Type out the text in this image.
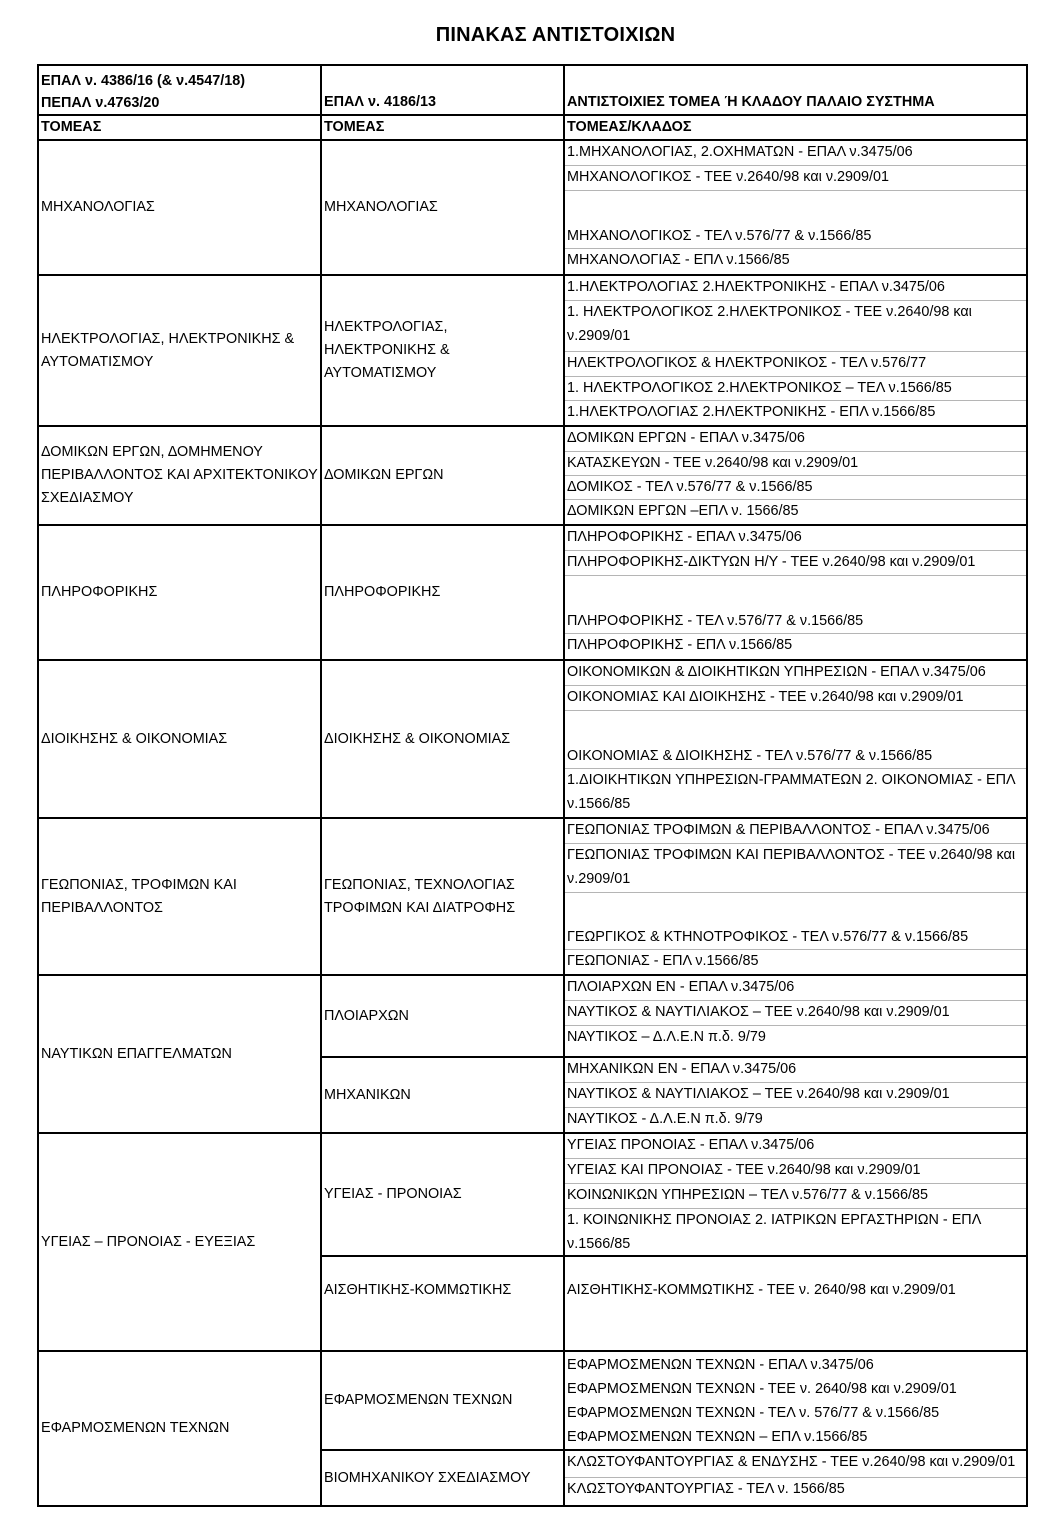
ΠΙΝΑΚΑΣ ΑΝΤΙΣΤΟΙΧΙΩΝ
ΕΠΑΛ ν. 4386/16 (& ν.4547/18)
ΠΕΠΑΛ ν.4763/20	ΕΠΑΛ ν. 4186/13	ΑΝΤΙΣΤΟΙΧΙΕΣ ΤΟΜΕΑ Ή ΚΛΑΔΟΥ ΠΑΛΑΙΟ ΣΥΣΤΗΜΑ
ΤΟΜΕΑΣ	ΤΟΜΕΑΣ	ΤΟΜΕΑΣ/ΚΛΑΔΟΣ
ΜΗΧΑΝΟΛΟΓΙΑΣ	ΜΗΧΑΝΟΛΟΓΙΑΣ	1.ΜΗΧΑΝΟΛΟΓΙΑΣ, 2.ΟΧΗΜΑΤΩΝ - ΕΠΑΛ ν.3475/06
ΜΗΧΑΝΟΛΟΓΙΚΟΣ - ΤΕΕ ν.2640/98 και ν.2909/01
ΜΗΧΑΝΟΛΟΓΙΚΟΣ - ΤΕΛ ν.576/77 & ν.1566/85
ΜΗΧΑΝΟΛΟΓΙΑΣ - ΕΠΛ ν.1566/85

ΗΛΕΚΤΡΟΛΟΓΙΑΣ, ΗΛΕΚΤΡΟΝΙΚΗΣ & ΑΥΤΟΜΑΤΙΣΜΟΥ	ΗΛΕΚΤΡΟΛΟΓΙΑΣ, ΗΛΕΚΤΡΟΝΙΚΗΣ & ΑΥΤΟΜΑΤΙΣΜΟΥ	1.ΗΛΕΚΤΡΟΛΟΓΙΑΣ 2.ΗΛΕΚΤΡΟΝΙΚΗΣ - ΕΠΑΛ ν.3475/06
1. ΗΛΕΚΤΡΟΛΟΓΙΚΟΣ 2.ΗΛΕΚΤΡΟΝΙΚΟΣ - ΤΕΕ ν.2640/98 και ν.2909/01
ΗΛΕΚΤΡΟΛΟΓΙΚΟΣ & ΗΛΕΚΤΡΟΝΙΚΟΣ - ΤΕΛ ν.576/77
1. ΗΛΕΚΤΡΟΛΟΓΙΚΟΣ 2.ΗΛΕΚΤΡΟΝΙΚΟΣ – ΤΕΛ ν.1566/85
1.ΗΛΕΚΤΡΟΛΟΓΙΑΣ 2.ΗΛΕΚΤΡΟΝΙΚΗΣ - ΕΠΛ ν.1566/85

ΔΟΜΙΚΩΝ ΕΡΓΩΝ, ΔΟΜΗΜΕΝΟΥ ΠΕΡΙΒΑΛΛΟΝΤΟΣ ΚΑΙ ΑΡΧΙΤΕΚΤΟΝΙΚΟΥ ΣΧΕΔΙΑΣΜΟΥ	ΔΟΜΙΚΩΝ ΕΡΓΩΝ	ΔΟΜΙΚΩΝ ΕΡΓΩΝ - ΕΠΑΛ ν.3475/06
ΚΑΤΑΣΚΕΥΩΝ - ΤΕΕ ν.2640/98 και ν.2909/01
ΔΟΜΙΚΟΣ - ΤΕΛ ν.576/77 & ν.1566/85
ΔΟΜΙΚΩΝ ΕΡΓΩΝ –ΕΠΛ ν. 1566/85

ΠΛΗΡΟΦΟΡΙΚΗΣ	ΠΛΗΡΟΦΟΡΙΚΗΣ	ΠΛΗΡΟΦΟΡΙΚΗΣ - ΕΠΑΛ ν.3475/06
ΠΛΗΡΟΦΟΡΙΚΗΣ-ΔΙΚΤΥΩΝ Η/Υ - ΤΕΕ ν.2640/98 και ν.2909/01
ΠΛΗΡΟΦΟΡΙΚΗΣ - ΤΕΛ ν.576/77 & ν.1566/85
ΠΛΗΡΟΦΟΡΙΚΗΣ - ΕΠΛ ν.1566/85

ΔΙΟΙΚΗΣΗΣ & ΟΙΚΟΝΟΜΙΑΣ	ΔΙΟΙΚΗΣΗΣ & ΟΙΚΟΝΟΜΙΑΣ	ΟΙΚΟΝΟΜΙΚΩΝ & ΔΙΟΙΚΗΤΙΚΩΝ ΥΠΗΡΕΣΙΩΝ - ΕΠΑΛ ν.3475/06
ΟΙΚΟΝΟΜΙΑΣ ΚΑΙ ΔΙΟΙΚΗΣΗΣ - ΤΕΕ ν.2640/98 και ν.2909/01
ΟΙΚΟΝΟΜΙΑΣ & ΔΙΟΙΚΗΣΗΣ - ΤΕΛ ν.576/77 & ν.1566/85
1.ΔΙΟΙΚΗΤΙΚΩΝ ΥΠΗΡΕΣΙΩΝ-ΓΡΑΜΜΑΤΕΩΝ 2. ΟΙΚΟΝΟΜΙΑΣ - ΕΠΛ ν.1566/85

ΓΕΩΠΟΝΙΑΣ, ΤΡΟΦΙΜΩΝ ΚΑΙ ΠΕΡΙΒΑΛΛΟΝΤΟΣ	ΓΕΩΠΟΝΙΑΣ, ΤΕΧΝΟΛΟΓΙΑΣ ΤΡΟΦΙΜΩΝ ΚΑΙ ΔΙΑΤΡΟΦΗΣ	ΓΕΩΠΟΝΙΑΣ ΤΡΟΦΙΜΩΝ & ΠΕΡΙΒΑΛΛΟΝΤΟΣ - ΕΠΑΛ ν.3475/06
ΓΕΩΠΟΝΙΑΣ ΤΡΟΦΙΜΩΝ ΚΑΙ ΠΕΡΙΒΑΛΛΟΝΤΟΣ - ΤΕΕ ν.2640/98 και ν.2909/01
ΓΕΩΡΓΙΚΟΣ & ΚΤΗΝΟΤΡΟΦΙΚΟΣ - ΤΕΛ ν.576/77 & ν.1566/85
ΓΕΩΠΟΝΙΑΣ - ΕΠΛ ν.1566/85

ΝΑΥΤΙΚΩΝ ΕΠΑΓΓΕΛΜΑΤΩΝ	ΠΛΟΙΑΡΧΩΝ	ΠΛΟΙΑΡΧΩΝ ΕΝ - ΕΠΑΛ ν.3475/06
ΝΑΥΤΙΚΟΣ & ΝΑΥΤΙΛΙΑΚΟΣ – ΤΕΕ ν.2640/98 και ν.2909/01
ΝΑΥΤΙΚΟΣ – Δ.Λ.Ε.Ν π.δ. 9/79

	ΜΗΧΑΝΙΚΩΝ	ΜΗΧΑΝΙΚΩΝ ΕΝ - ΕΠΑΛ ν.3475/06
ΝΑΥΤΙΚΟΣ & ΝΑΥΤΙΛΙΑΚΟΣ – ΤΕΕ ν.2640/98 και ν.2909/01
ΝΑΥΤΙΚΟΣ - Δ.Λ.Ε.Ν π.δ. 9/79

ΥΓΕΙΑΣ – ΠΡΟΝΟΙΑΣ - ΕΥΕΞΙΑΣ	ΥΓΕΙΑΣ - ΠΡΟΝΟΙΑΣ	ΥΓΕΙΑΣ ΠΡΟΝΟΙΑΣ - ΕΠΑΛ ν.3475/06
ΥΓΕΙΑΣ ΚΑΙ ΠΡΟΝΟΙΑΣ - ΤΕΕ ν.2640/98 και ν.2909/01
ΚΟΙΝΩΝΙΚΩΝ ΥΠΗΡΕΣΙΩΝ – ΤΕΛ ν.576/77 & ν.1566/85
1. ΚΟΙΝΩΝΙΚΗΣ ΠΡΟΝΟΙΑΣ 2. ΙΑΤΡΙΚΩΝ ΕΡΓΑΣΤΗΡΙΩΝ - ΕΠΛ ν.1566/85

	ΑΙΣΘΗΤΙΚΗΣ-ΚΟΜΜΩΤΙΚΗΣ	ΑΙΣΘΗΤΙΚΗΣ-ΚΟΜΜΩΤΙΚΗΣ - ΤΕΕ ν. 2640/98 και ν.2909/01
ΕΦΑΡΜΟΣΜΕΝΩΝ ΤΕΧΝΩΝ	ΕΦΑΡΜΟΣΜΕΝΩΝ ΤΕΧΝΩΝ	ΕΦΑΡΜΟΣΜΕΝΩΝ ΤΕΧΝΩΝ - ΕΠΑΛ ν.3475/06
ΕΦΑΡΜΟΣΜΕΝΩΝ ΤΕΧΝΩΝ - ΤΕΕ ν. 2640/98 και ν.2909/01
ΕΦΑΡΜΟΣΜΕΝΩΝ ΤΕΧΝΩΝ - ΤΕΛ ν. 576/77 & ν.1566/85
ΕΦΑΡΜΟΣΜΕΝΩΝ ΤΕΧΝΩΝ – ΕΠΛ ν.1566/85

	ΒΙΟΜΗΧΑΝΙΚΟΥ ΣΧΕΔΙΑΣΜΟΥ	ΚΛΩΣΤΟΥΦΑΝΤΟΥΡΓΙΑΣ & ΕΝΔΥΣΗΣ - ΤΕΕ ν.2640/98 και ν.2909/01
ΚΛΩΣΤΟΥΦΑΝΤΟΥΡΓΙΑΣ - ΤΕΛ ν. 1566/85
